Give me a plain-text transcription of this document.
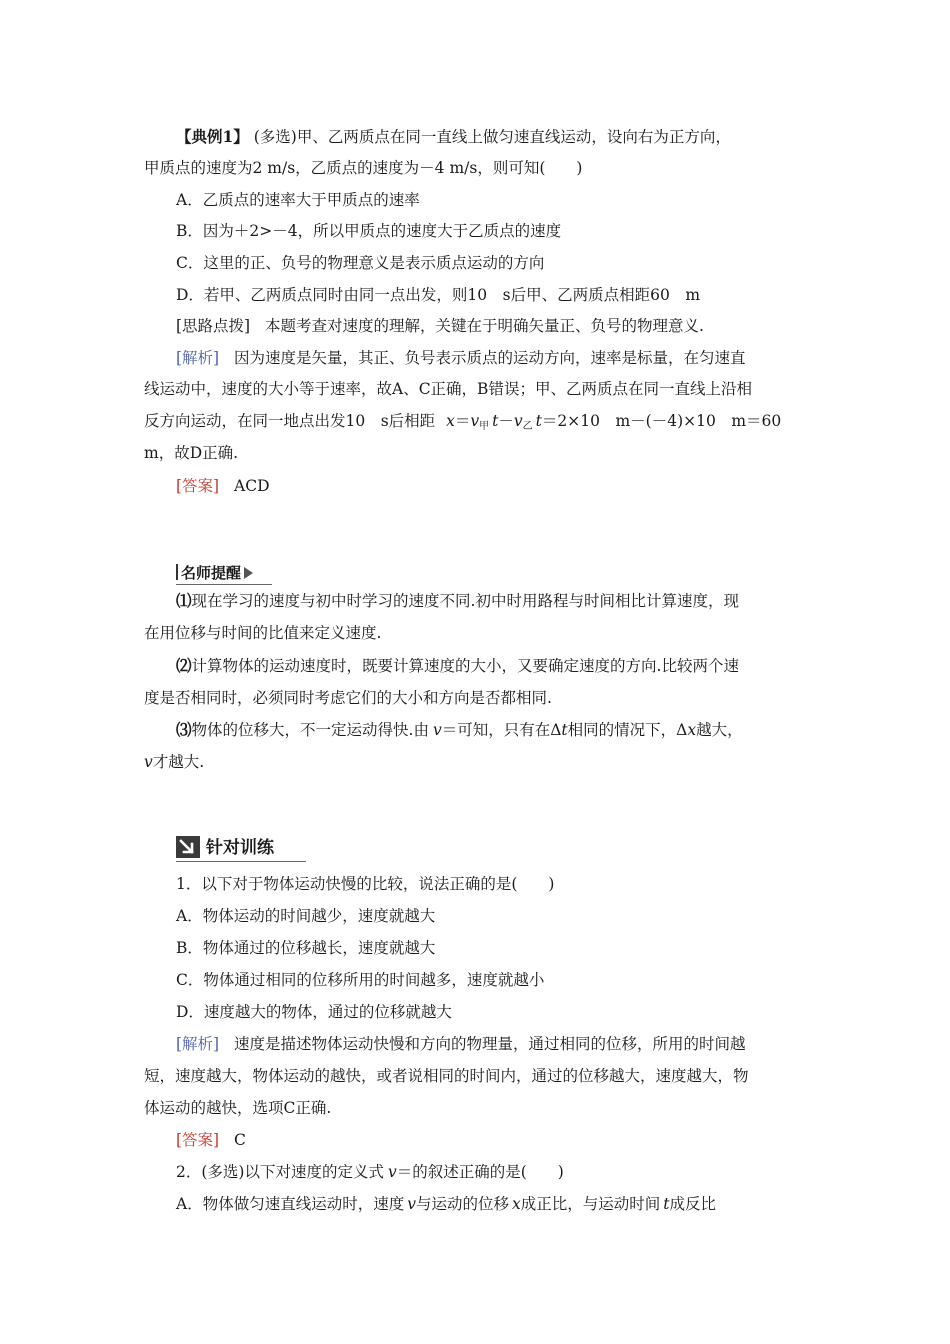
【典例1】 (多选)甲、乙两质点在同一直线上做匀速直线运动，设向右为正方向，
甲质点的速度为2 m/s，乙质点的速度为－4 m/s，则可知(　　)
A．乙质点的速率大于甲质点的速率
B．因为＋2>－4，所以甲质点的速度大于乙质点的速度
C．这里的正、负号的物理意义是表示质点运动的方向
D．若甲、乙两质点同时由同一点出发，则10　s后甲、乙两质点相距60　m
[思路点拨] 本题考查对速度的理解，关键在于明确矢量正、负号的物理意义.
[解析] 因为速度是矢量，其正、负号表示质点的运动方向，速率是标量，在匀速直
线运动中，速度的大小等于速率，故A、C正确，B错误；甲、乙两质点在同一直线上沿相
反方向运动，在同一地点出发10　s后相距 $x=v_甲$ $t-v_乙$ t＝2×10　m－(－4)×10　m＝60
m，故D正确.
[答案] ACD
名师提醒
⑴现在学习的速度与初中时学习的速度不同.初中时用路程与时间相比计算速度，现
在用位移与时间的比值来定义速度.
⑵计算物体的运动速度时，既要计算速度的大小，又要确定速度的方向.比较两个速
度是否相同时，必须同时考虑它们的大小和方向是否都相同.
⑶物体的位移大，不一定运动得快.由 v＝可知，只有在Δt相同的情况下，Δx越大，
v才越大.
针对训练
1．以下对于物体运动快慢的比较，说法正确的是(　　)
A．物体运动的时间越少，速度就越大
B．物体通过的位移越长，速度就越大
C．物体通过相同的位移所用的时间越多，速度就越小
D．速度越大的物体，通过的位移就越大
[解析] 速度是描述物体运动快慢和方向的物理量，通过相同的位移，所用的时间越
短，速度越大，物体运动的越快，或者说相同的时间内，通过的位移越大，速度越大，物
体运动的越快，选项C正确.
[答案] C
2．(多选)以下对速度的定义式 v＝的叙述正确的是(　　)
A．物体做匀速直线运动时，速度 v与运动的位移 x成正比，与运动时间 t成反比
